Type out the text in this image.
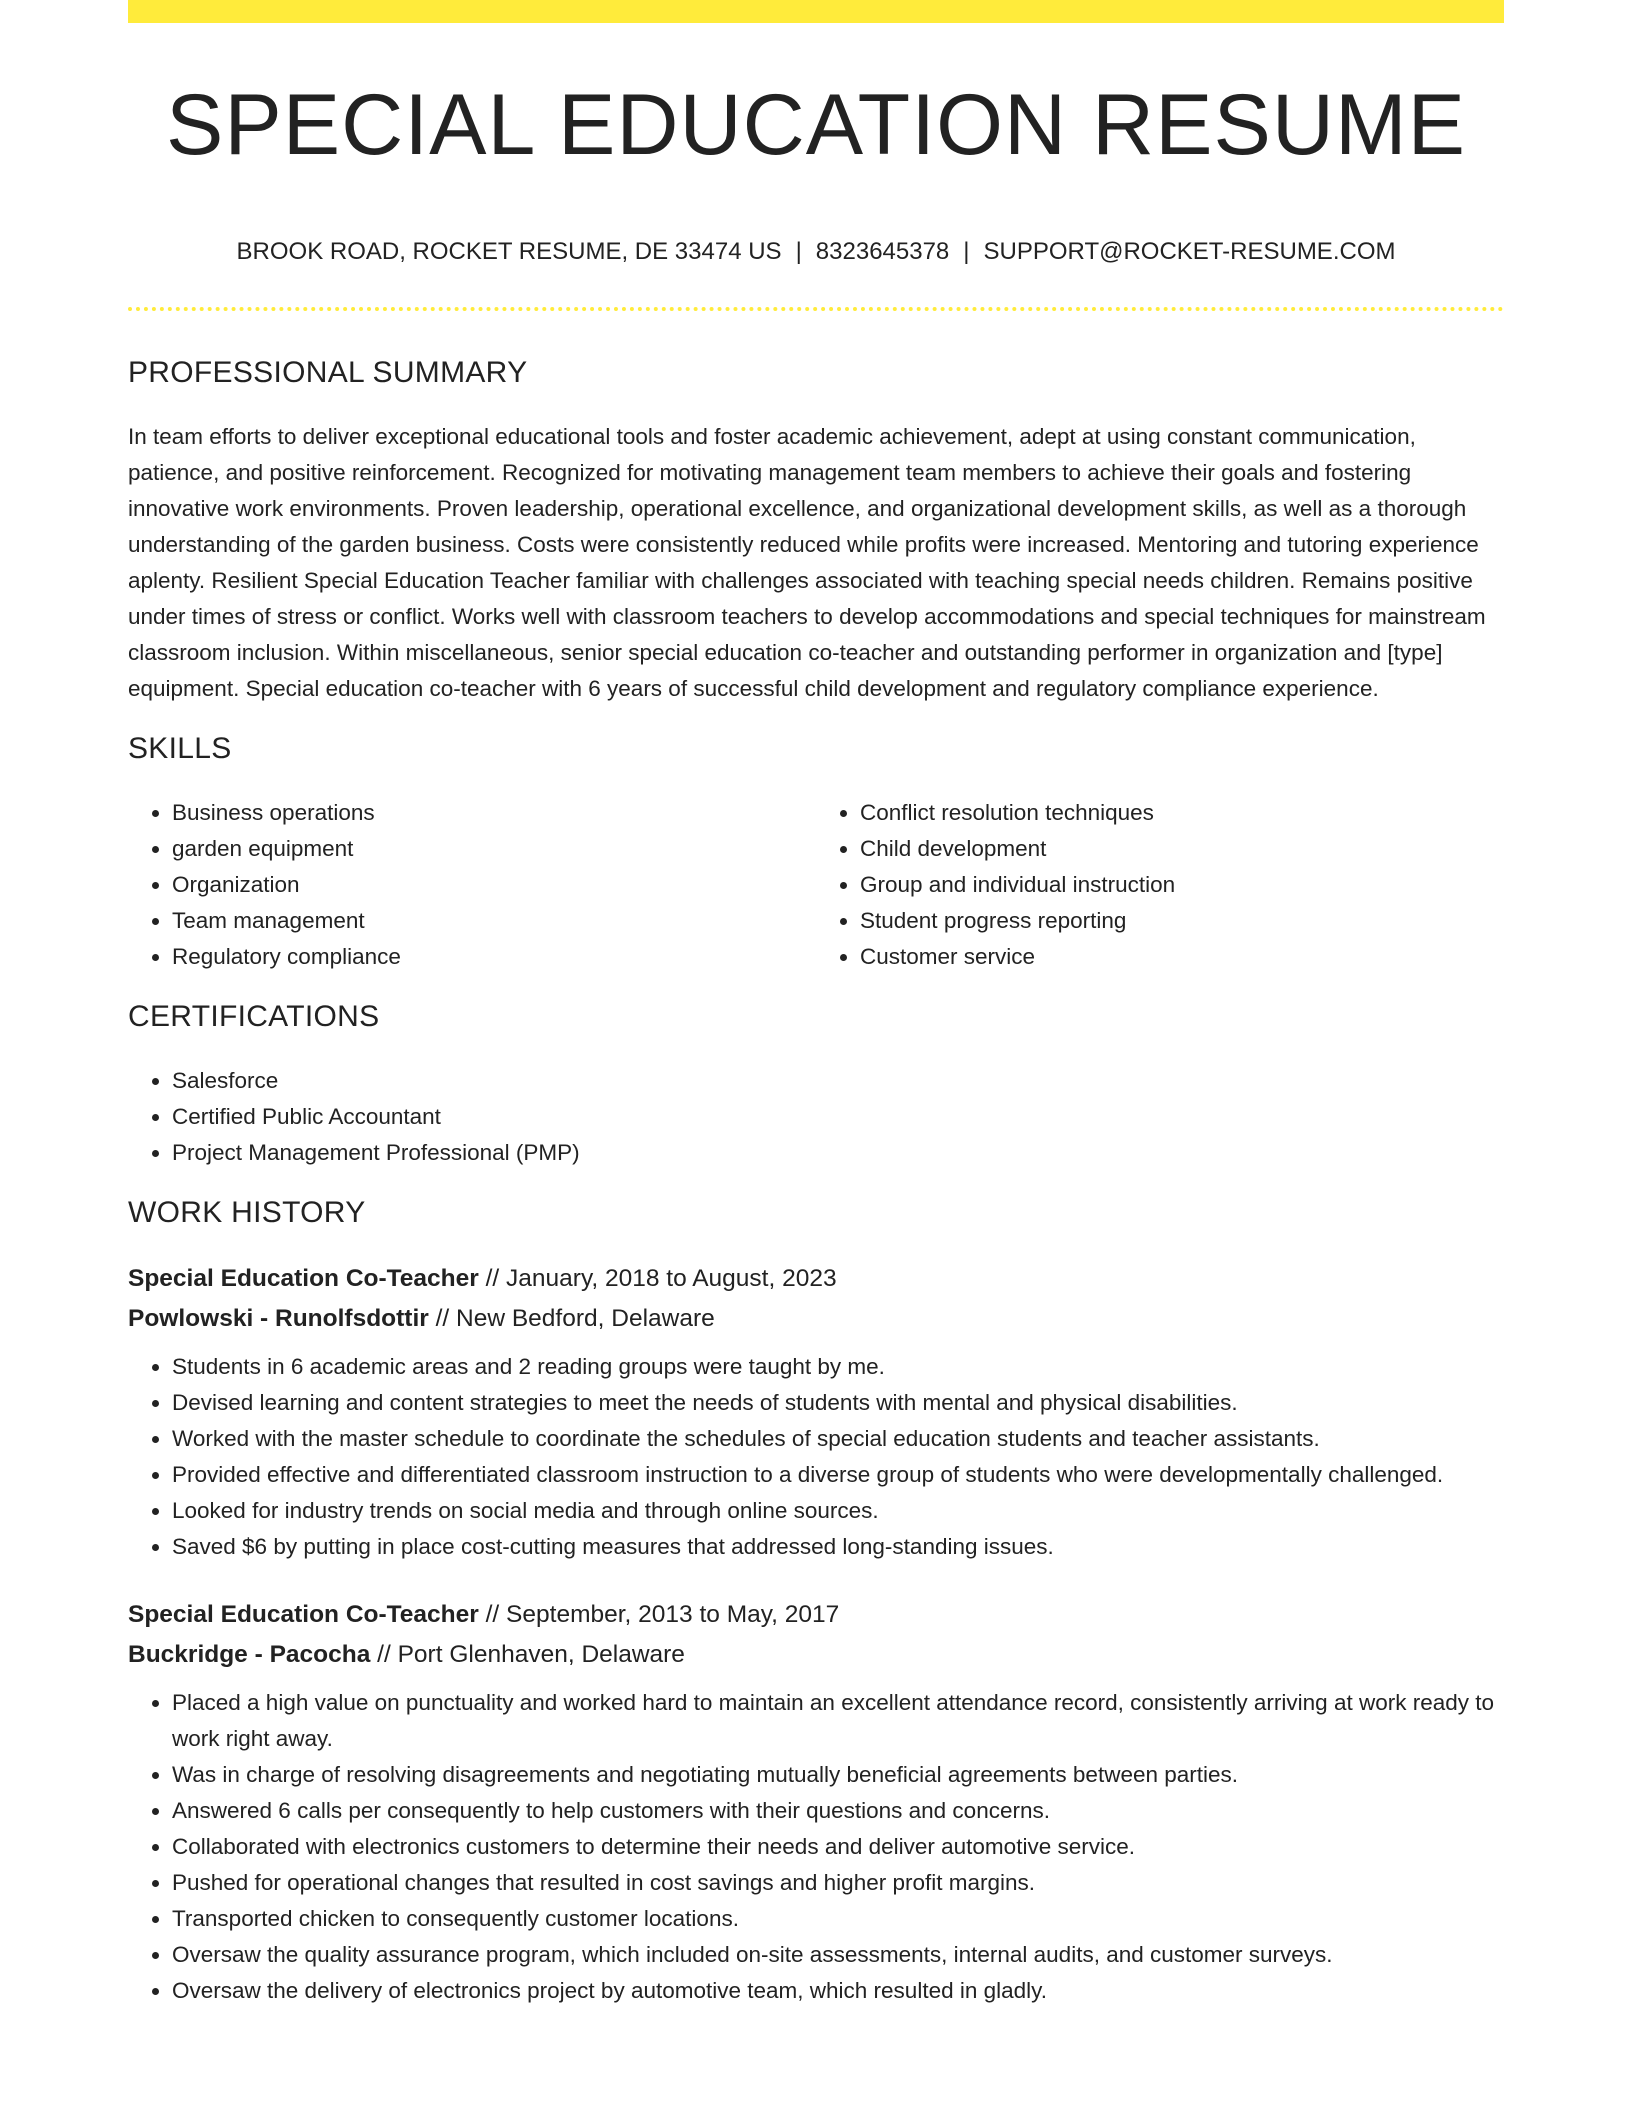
SPECIAL EDUCATION RESUME
BROOK ROAD, ROCKET RESUME, DE 33474 US | 8323645378 | SUPPORT@ROCKET-RESUME.COM
PROFESSIONAL SUMMARY

In team efforts to deliver exceptional educational tools and foster academic achievement, adept at using constant communication, patience, and positive reinforcement. Recognized for motivating management team members to achieve their goals and fostering innovative work environments. Proven leadership, operational excellence, and organizational development skills, as well as a thorough understanding of the garden business. Costs were consistently reduced while profits were increased. Mentoring and tutoring experience aplenty. Resilient Special Education Teacher familiar with challenges associated with teaching special needs children. Remains positive under times of stress or conflict. Works well with classroom teachers to develop accommodations and special techniques for mainstream classroom inclusion. Within miscellaneous, senior special education co-teacher and outstanding performer in organization and [type] equipment. Special education co-teacher with 6 years of successful child development and regulatory compliance experience.

SKILLS
• Business operations
• garden equipment
• Organization
• Team management
• Regulatory compliance
• Conflict resolution techniques
• Child development
• Group and individual instruction
• Student progress reporting
• Customer service
CERTIFICATIONS
• Salesforce
• Certified Public Accountant
• Project Management Professional (PMP)
WORK HISTORY
Special Education Co-Teacher // January, 2018 to August, 2023
Powlowski - Runolfsdottir // New Bedford, Delaware
• Students in 6 academic areas and 2 reading groups were taught by me.
• Devised learning and content strategies to meet the needs of students with mental and physical disabilities.
• Worked with the master schedule to coordinate the schedules of special education students and teacher assistants.
• Provided effective and differentiated classroom instruction to a diverse group of students who were developmentally challenged.
• Looked for industry trends on social media and through online sources.
• Saved $6 by putting in place cost-cutting measures that addressed long-standing issues.
Special Education Co-Teacher // September, 2013 to May, 2017
Buckridge - Pacocha // Port Glenhaven, Delaware
• Placed a high value on punctuality and worked hard to maintain an excellent attendance record, consistently arriving at work ready to work right away.
• Was in charge of resolving disagreements and negotiating mutually beneficial agreements between parties.
• Answered 6 calls per consequently to help customers with their questions and concerns.
• Collaborated with electronics customers to determine their needs and deliver automotive service.
• Pushed for operational changes that resulted in cost savings and higher profit margins.
• Transported chicken to consequently customer locations.
• Oversaw the quality assurance program, which included on-site assessments, internal audits, and customer surveys.
• Oversaw the delivery of electronics project by automotive team, which resulted in gladly.
